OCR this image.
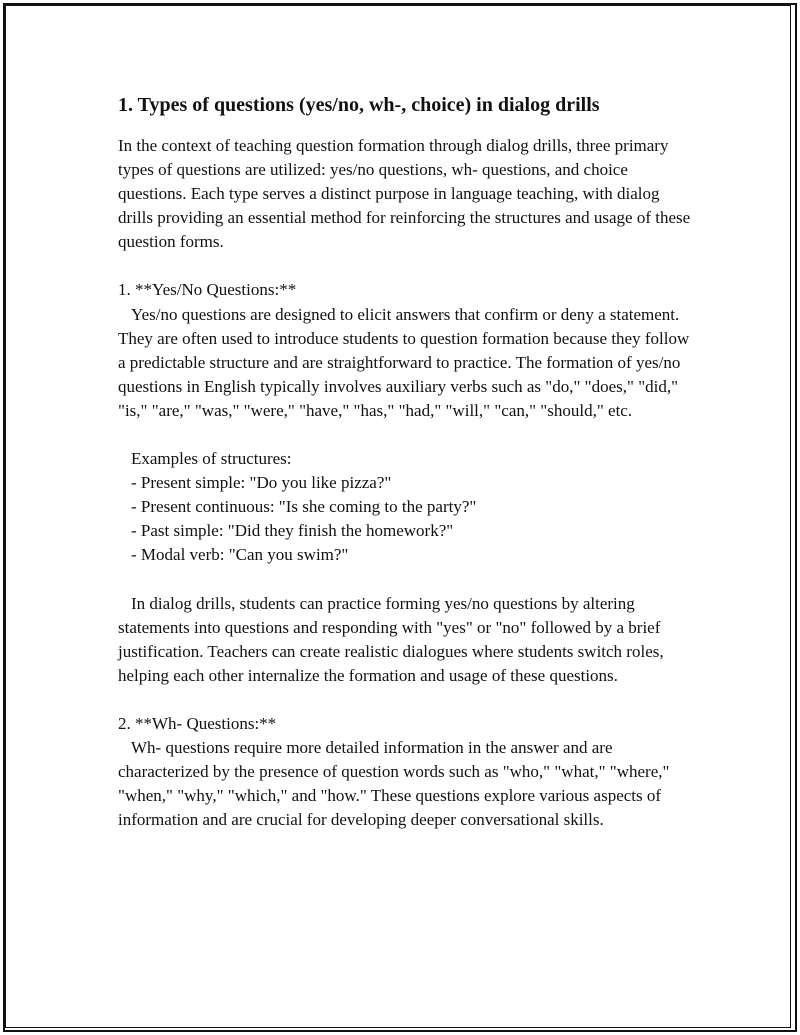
1. Types of questions (yes/no, wh-, choice) in dialog drills

In the context of teaching question formation through dialog drills, three primary types of questions are utilized: yes/no questions, wh- questions, and choice questions. Each type serves a distinct purpose in language teaching, with dialog drills providing an essential method for reinforcing the structures and usage of these question forms.

1. **Yes/No Questions:**

Yes/no questions are designed to elicit answers that confirm or deny a statement. They are often used to introduce students to question formation because they follow a predictable structure and are straightforward to practice. The formation of yes/no questions in English typically involves auxiliary verbs such as "do," "does," "did," "is," "are," "was," "were," "have," "has," "had," "will," "can," "should," etc.

Examples of structures:

- Present simple: "Do you like pizza?"

- Present continuous: "Is she coming to the party?"

- Past simple: "Did they finish the homework?"

- Modal verb: "Can you swim?"

In dialog drills, students can practice forming yes/no questions by altering statements into questions and responding with "yes" or "no" followed by a brief justification. Teachers can create realistic dialogues where students switch roles, helping each other internalize the formation and usage of these questions.

2. **Wh- Questions:**

Wh- questions require more detailed information in the answer and are characterized by the presence of question words such as "who," "what," "where," "when," "why," "which," and "how." These questions explore various aspects of information and are crucial for developing deeper conversational skills.
